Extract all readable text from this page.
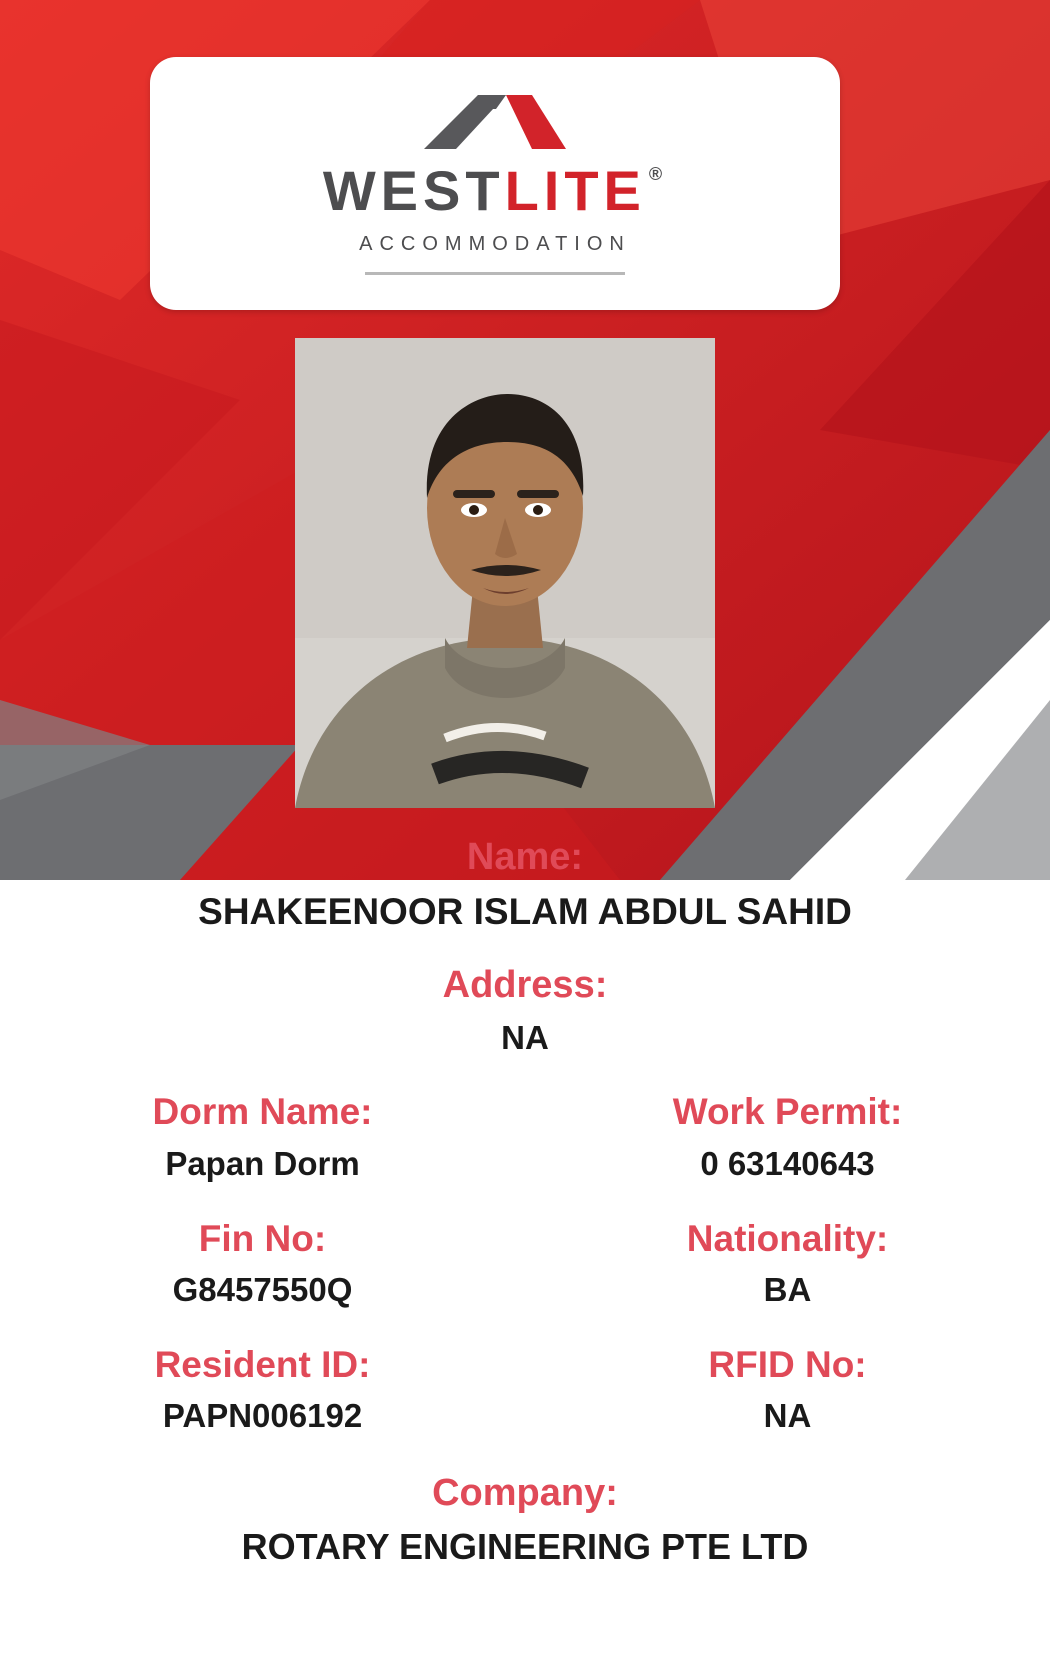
WEST LITE ®
ACCOMMODATION
Name:
SHAKEENOOR ISLAM ABDUL SAHID
Address:
NA
Dorm Name:
Papan Dorm
Work Permit:
0 63140643
Fin No:
G8457550Q
Nationality:
BA
Resident ID:
PAPN006192
RFID No:
NA
Company:
ROTARY ENGINEERING PTE LTD
